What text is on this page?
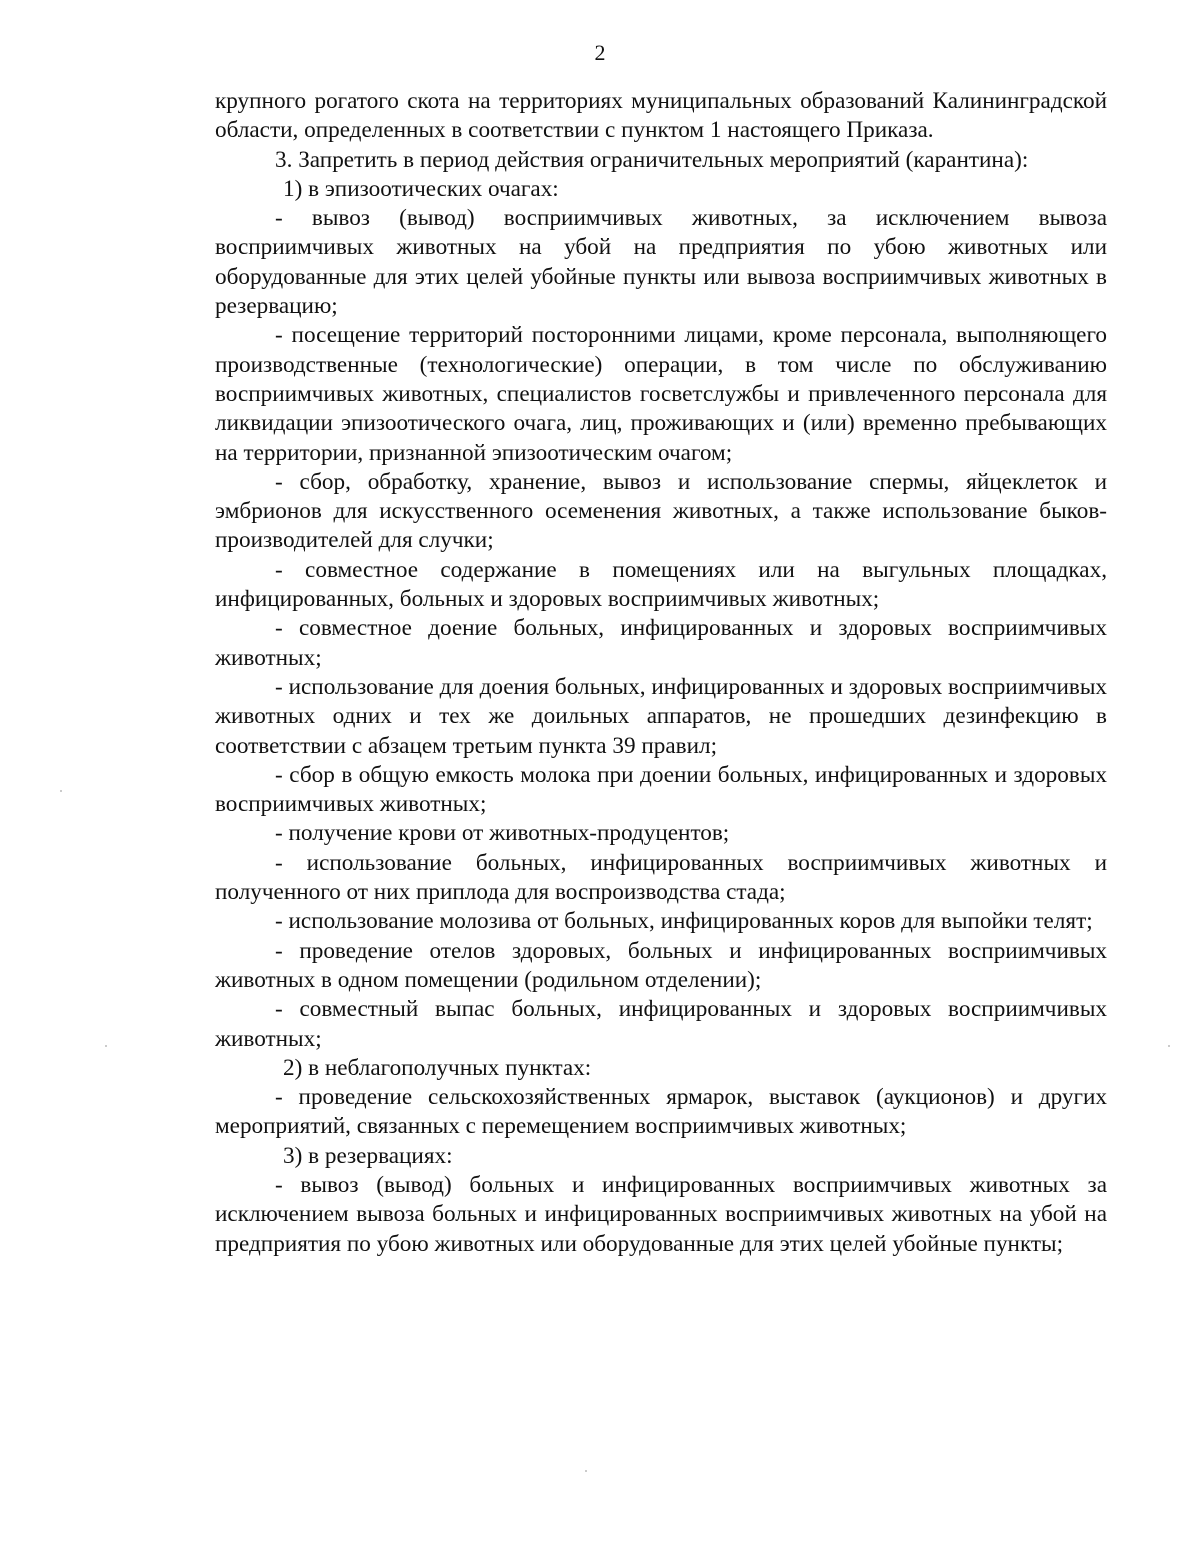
2

крупного рогатого скота на территориях муниципальных образований Калининградской области, определенных в соответствии с пунктом 1 настоящего Приказа.

3. Запретить в период действия ограничительных мероприятий (карантина):

1) в эпизоотических очагах:

- вывоз (вывод) восприимчивых животных, за исключением вывоза восприимчивых животных на убой на предприятия по убою животных или оборудованные для этих целей убойные пункты или вывоза восприимчивых животных в резервацию;

- посещение территорий посторонними лицами, кроме персонала, выполняющего производственные (технологические) операции, в том числе по обслуживанию восприимчивых животных, специалистов госветслужбы и привлеченного персонала для ликвидации эпизоотического очага, лиц, проживающих и (или) временно пребывающих на территории, признанной эпизоотическим очагом;

- сбор, обработку, хранение, вывоз и использование спермы, яйцеклеток и эмбрионов для искусственного осеменения животных, а также использование быков-производителей для случки;

- совместное содержание в помещениях или на выгульных площадках, инфицированных, больных и здоровых восприимчивых животных;

- совместное доение больных, инфицированных и здоровых восприимчивых животных;

- использование для доения больных, инфицированных и здоровых восприимчивых животных одних и тех же доильных аппаратов, не прошедших дезинфекцию в соответствии с абзацем третьим пункта 39 правил;

- сбор в общую емкость молока при доении больных, инфицированных и здоровых восприимчивых животных;

- получение крови от животных-продуцентов;

- использование больных, инфицированных восприимчивых животных и полученного от них приплода для воспроизводства стада;

- использование молозива от больных, инфицированных коров для выпойки телят;

- проведение отелов здоровых, больных и инфицированных восприимчивых животных в одном помещении (родильном отделении);

- совместный выпас больных, инфицированных и здоровых восприимчивых животных;

2) в неблагополучных пунктах:

- проведение сельскохозяйственных ярмарок, выставок (аукционов) и других мероприятий, связанных с перемещением восприимчивых животных;

3) в резервациях:

- вывоз (вывод) больных и инфицированных восприимчивых животных за исключением вывоза больных и инфицированных восприимчивых животных на убой на предприятия по убою животных или оборудованные для этих целей убойные пункты;
